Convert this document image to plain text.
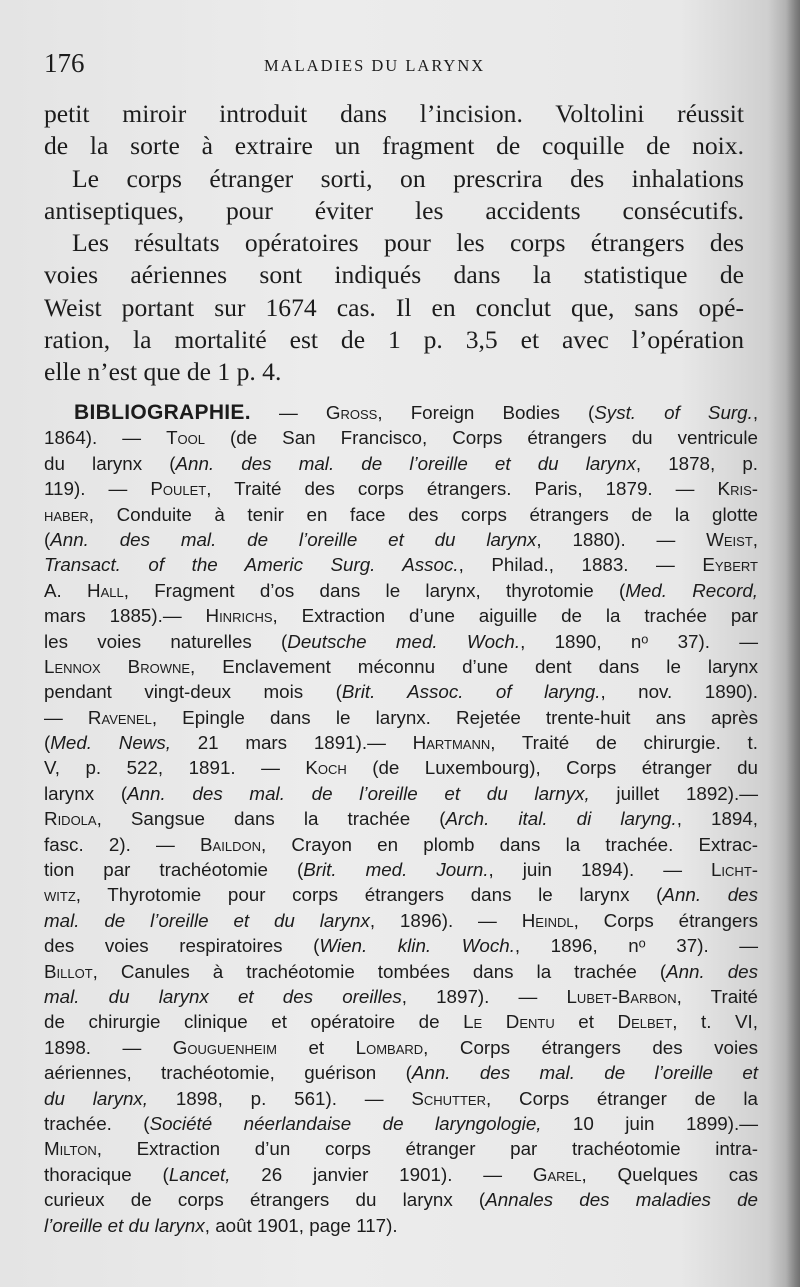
176	MALADIES DU LARYNX
petit miroir introduit dans l’incision. Voltolini réussit
de la sorte à extraire un fragment de coquille de noix.
Le corps étranger sorti, on prescrira des inhalations
antiseptiques, pour éviter les accidents consécutifs.
Les résultats opératoires pour les corps étrangers des
voies aériennes sont indiqués dans la statistique de
Weist portant sur 1674 cas. Il en conclut que, sans opé-
ration, la mortalité est de 1 p. 3,5 et avec l’opération
elle n’est que de 1 p. 4.
BIBLIOGRAPHIE. — Gross, Foreign Bodies (Syst. of Surg.,
1864). — Tool (de San Francisco, Corps étrangers du ventricule
du larynx (Ann. des mal. de l’oreille et du larynx, 1878, p.
119). — Poulet, Traité des corps étrangers. Paris, 1879. — Kris-
haber, Conduite à tenir en face des corps étrangers de la glotte
(Ann. des mal. de l’oreille et du larynx, 1880). — Weist,
Transact. of the Americ Surg. Assoc., Philad., 1883. — Eybert
A. Hall, Fragment d’os dans le larynx, thyrotomie (Med. Record,
mars 1885).— Hinrichs, Extraction d’une aiguille de la trachée par
les voies naturelles (Deutsche med. Woch., 1890, nᵒ 37). —
Lennox Browne, Enclavement méconnu d’une dent dans le larynx
pendant vingt-deux mois (Brit. Assoc. of laryng., nov. 1890).
— Ravenel, Epingle dans le larynx. Rejetée trente-huit ans après
(Med. News, 21 mars 1891).— Hartmann, Traité de chirurgie. t.
V, p. 522, 1891. — Koch (de Luxembourg), Corps étranger du
larynx (Ann. des mal. de l’oreille et du larnyx, juillet 1892).—
Ridola, Sangsue dans la trachée (Arch. ital. di laryng., 1894,
fasc. 2). — Baildon, Crayon en plomb dans la trachée. Extrac-
tion par trachéotomie (Brit. med. Journ., juin 1894). — Licht-
witz, Thyrotomie pour corps étrangers dans le larynx (Ann. des
mal. de l’oreille et du larynx, 1896). — Heindl, Corps étrangers
des voies respiratoires (Wien. klin. Woch., 1896, nᵒ 37). —
Billot, Canules à trachéotomie tombées dans la trachée (Ann. des
mal. du larynx et des oreilles, 1897). — Lubet-Barbon, Traité
de chirurgie clinique et opératoire de Le Dentu et Delbet, t. VI,
1898. — Gouguenheim et Lombard, Corps étrangers des voies
aériennes, trachéotomie, guérison (Ann. des mal. de l’oreille et
du larynx, 1898, p. 561). — Schutter, Corps étranger de la
trachée. (Société néerlandaise de laryngologie, 10 juin 1899).—
Milton, Extraction d’un corps étranger par trachéotomie intra-
thoracique (Lancet, 26 janvier 1901). — Garel, Quelques cas
curieux de corps étrangers du larynx (Annales des maladies de
l’oreille et du larynx, août 1901, page 117).
